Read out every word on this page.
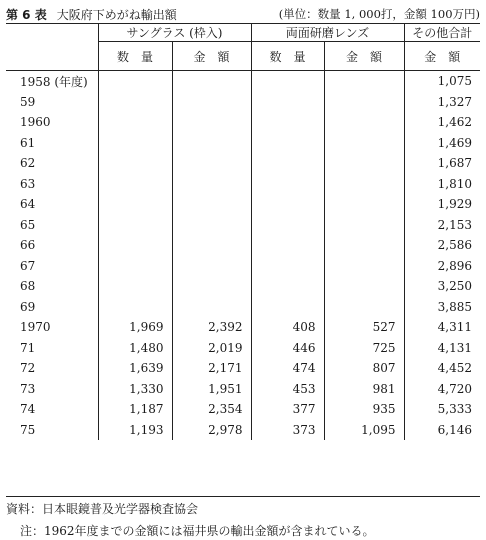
第 6 表 大阪府下めがね輸出額	(単位：数量 1, 000打，金額 100万円)
	サングラス (枠入)		両面研磨レンズ		その他合計
	数　量	金　額	数　量	金　額	金　額
1958 (年度)					1,075
59					1,327
1960					1,462
61					1,469
62					1,687
63					1,810
64					1,929
65					2,153
66					2,586
67					2,896
68					3,250
69					3,885
1970	1,969	2,392	408	527	4,311
71	1,480	2,019	446	725	4,131
72	1,639	2,171	474	807	4,452
73	1,330	1,951	453	981	4,720
74	1,187	2,354	377	935	5,333
75	1,193	2,978	373	1,095	6,146
資料：日本眼鏡普及光学器検査協会
注：1962年度までの金額には福井県の輸出金額が含まれている。
